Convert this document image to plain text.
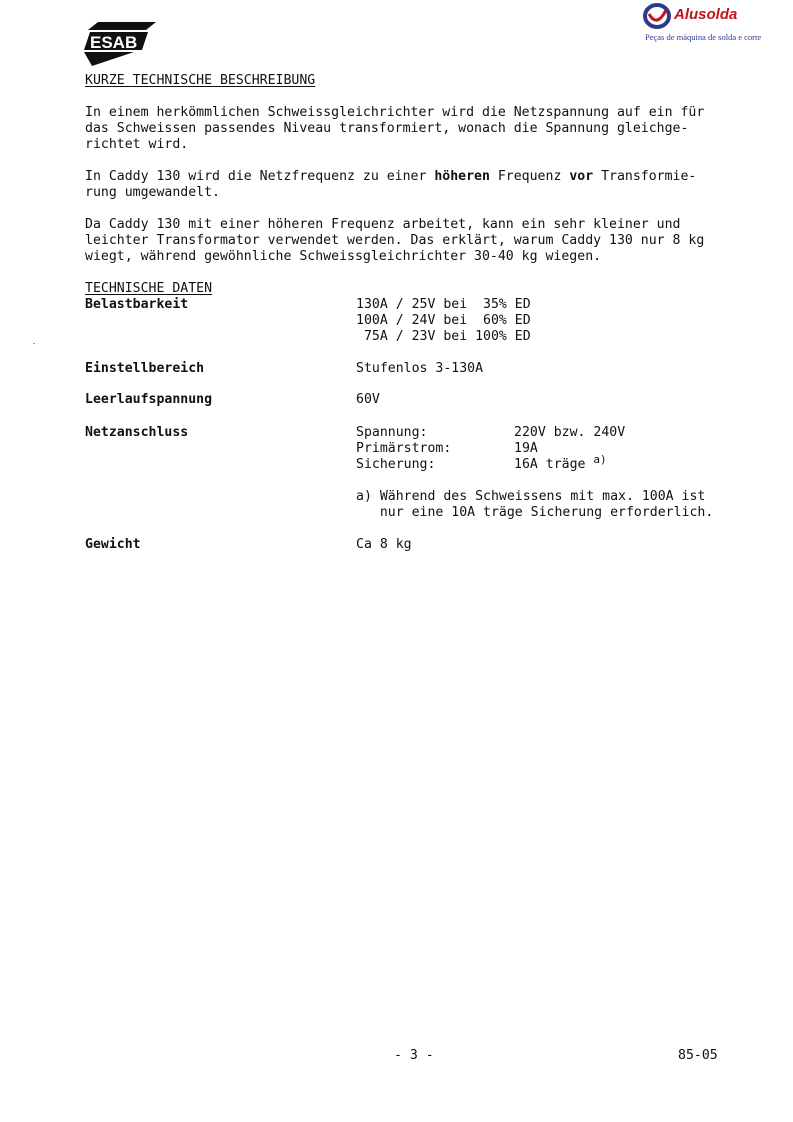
ESAB
Alusolda
Peças de máquina de solda e corte
KURZE TECHNISCHE BESCHREIBUNG
In einem herkömmlichen Schweissgleichrichter wird die Netzspannung auf ein für
das Schweissen passendes Niveau transformiert, wonach die Spannung gleichge-
richtet wird.
In Caddy 130 wird die Netzfrequenz zu einer höheren Frequenz vor Transformie-
rung umgewandelt.
Da Caddy 130 mit einer höheren Frequenz arbeitet, kann ein sehr kleiner und
leichter Transformator verwendet werden. Das erklärt, warum Caddy 130 nur 8 kg
wiegt, während gewöhnliche Schweissgleichrichter 30-40 kg wiegen.
TECHNISCHE DATEN
Belastbarkeit	130A / 25V bei  35% ED
100A / 24V bei  60% ED
75A / 23V bei 100% ED
Einstellbereich	Stufenlos 3-130A
Leerlaufspannung	60V
Netzanschluss	Spannung:	220V bzw. 240V
Primärstrom:	19A
Sicherung:	16A träge $^{a)}$
a) Während des Schweissens mit max. 100A ist
nur eine 10A träge Sicherung erforderlich.
Gewicht	Ca 8 kg
- 3 -	85-05
